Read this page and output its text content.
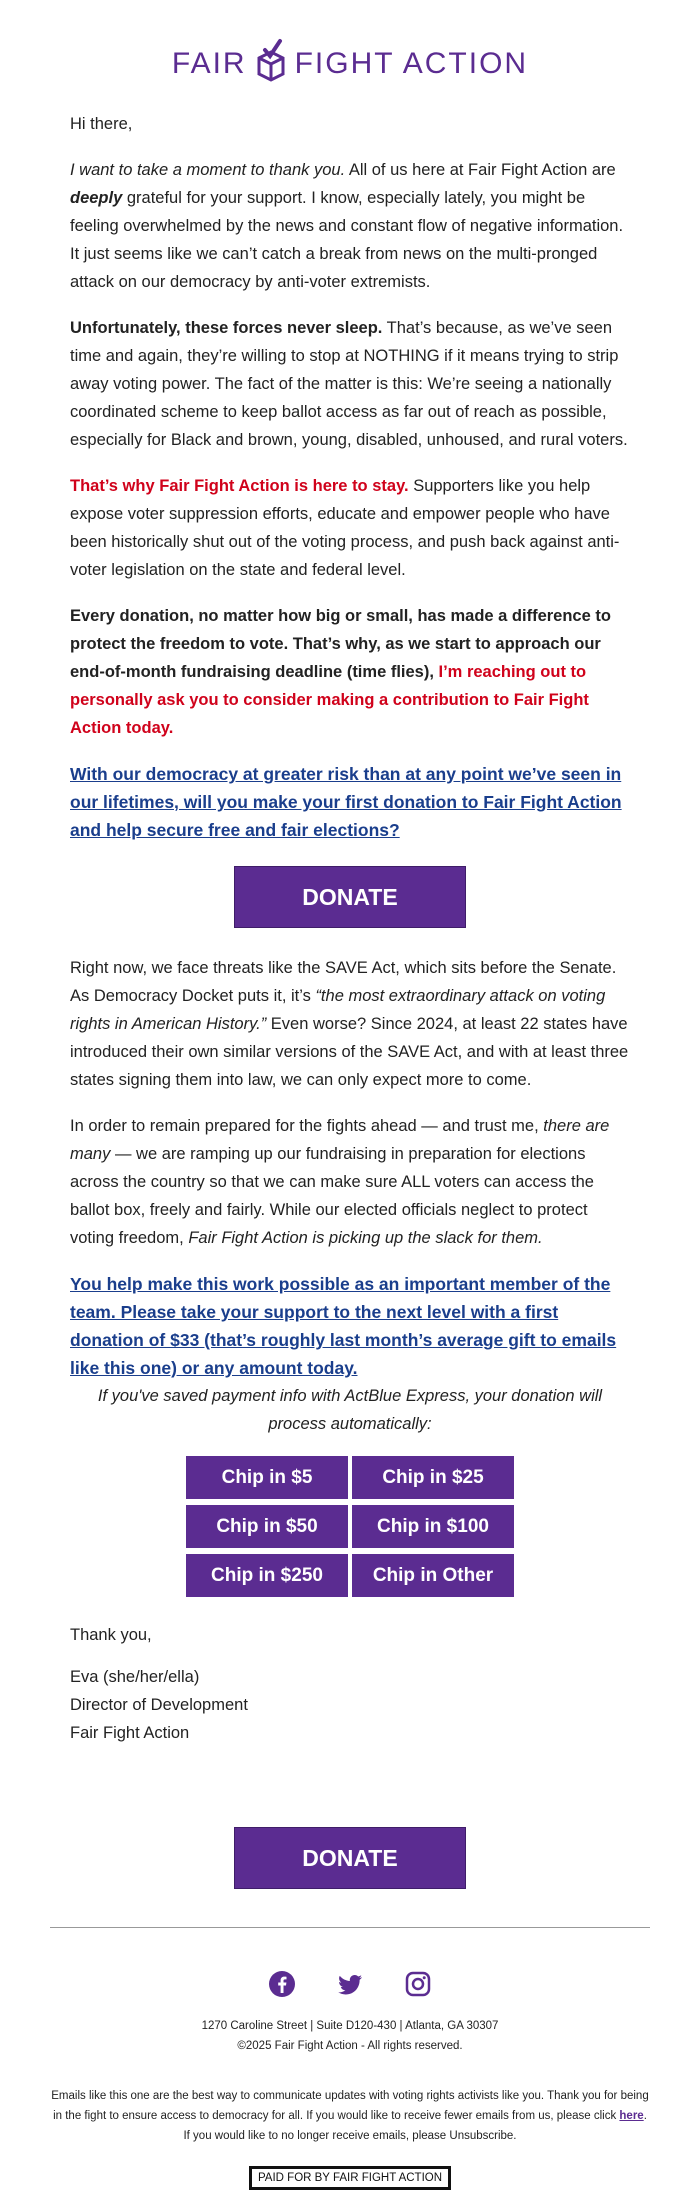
FAIR FIGHT ACTION

Hi there,

I want to take a moment to thank you. All of us here at Fair Fight Action are deeply grateful for your support. I know, especially lately, you might be feeling overwhelmed by the news and constant flow of negative information. It just seems like we can’t catch a break from news on the multi-pronged attack on our democracy by anti-voter extremists.

Unfortunately, these forces never sleep. That’s because, as we’ve seen time and again, they’re willing to stop at NOTHING if it means trying to strip away voting power. The fact of the matter is this: We’re seeing a nationally coordinated scheme to keep ballot access as far out of reach as possible, especially for Black and brown, young, disabled, unhoused, and rural voters.

That’s why Fair Fight Action is here to stay. Supporters like you help expose voter suppression efforts, educate and empower people who have been historically shut out of the voting process, and push back against anti-voter legislation on the state and federal level.

Every donation, no matter how big or small, has made a difference to protect the freedom to vote. That’s why, as we start to approach our end-of-month fundraising deadline (time flies), I’m reaching out to personally ask you to consider making a contribution to Fair Fight Action today.

With our democracy at greater risk than at any point we’ve seen in our lifetimes, will you make your first donation to Fair Fight Action and help secure free and fair elections?
DONATE

Right now, we face threats like the SAVE Act, which sits before the Senate. As Democracy Docket puts it, it’s “the most extraordinary attack on voting rights in American History.” Even worse? Since 2024, at least 22 states have introduced their own similar versions of the SAVE Act, and with at least three states signing them into law, we can only expect more to come.

In order to remain prepared for the fights ahead — and trust me, there are many — we are ramping up our fundraising in preparation for elections across the country so that we can make sure ALL voters can access the ballot box, freely and fairly. While our elected officials neglect to protect voting freedom, Fair Fight Action is picking up the slack for them.

You help make this work possible as an important member of the team. Please take your support to the next level with a first donation of $33 (that’s roughly last month’s average gift to emails like this one) or any amount today.

If you've saved payment info with ActBlue Express, your donation will process automatically:

Chip in $5	Chip in $25
Chip in $50	Chip in $100
Chip in $250	Chip in Other

Thank you,

Eva (she/her/ella)
Director of Development
Fair Fight Action
DONATE
1270 Caroline Street | Suite D120-430 | Atlanta, GA 30307
©2025 Fair Fight Action - All rights reserved.
Emails like this one are the best way to communicate updates with voting rights activists like you. Thank you for being in the fight to ensure access to democracy for all. If you would like to receive fewer emails from us, please click here. If you would like to no longer receive emails, please Unsubscribe.
PAID FOR BY FAIR FIGHT ACTION
